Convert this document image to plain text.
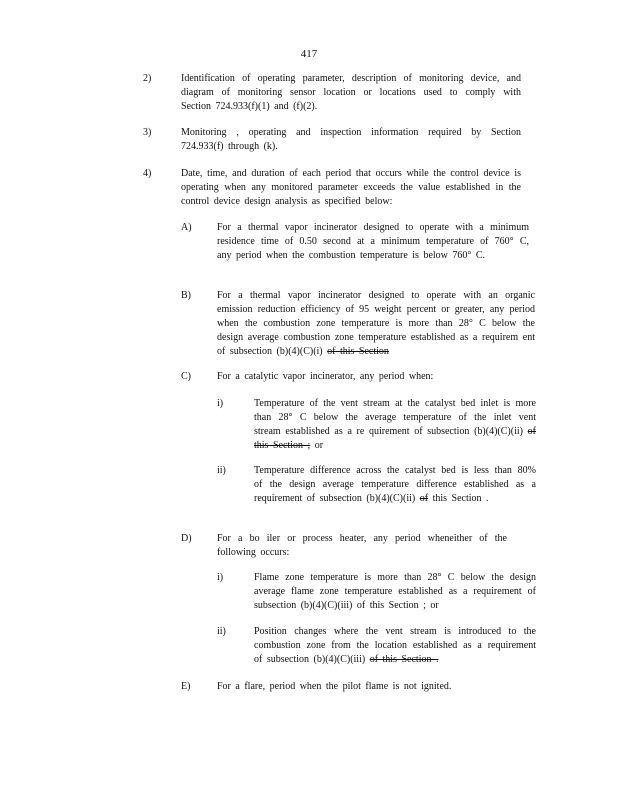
417
2)	Identification of operating parameter, description of monitoring device, and diagram of monitoring sensor location or locations used to comply with Section 724.933(f)(1) and (f)(2).
3)	Monitoring , operating and inspection information required by Section 724.933(f) through (k).
4)	Date, time, and duration of each period that occurs while the control device is operating when any monitored parameter exceeds the value established in the control device design analysis as specified below:
A)	For a thermal vapor incinerator designed to operate with a minimum residence time of 0.50 second at a minimum temperature of 760° C, any period when the combustion temperature is below 760° C.
B)	For a thermal vapor incinerator designed to operate with an organic emission reduction efficiency of 95 weight percent or greater, any period when the combustion zone temperature is more than 28° C below the design average combustion zone temperature established as a requirem ent of subsection (b)(4)(C)(i) of this Section
C)	For a catalytic vapor incinerator, any period when:
i)	Temperature of the vent stream at the catalyst bed inlet is more than 28° C below the average temperature of the inlet vent stream established as a re quirement of subsection (b)(4)(C)(ii) of this Section ; or
ii)	Temperature difference across the catalyst bed is less than 80% of the design average temperature difference established as a requirement of subsection (b)(4)(C)(ii) of this Section .
D)	For a bo iler or process heater, any period wheneither of the following occurs:
i)	Flame zone temperature is more than 28° C below the design average flame zone temperature established as a requirement of subsection (b)(4)(C)(iii) of this Section ; or
ii)	Position changes where the vent stream is introduced to the combustion zone from the location established as a requirement of subsection (b)(4)(C)(iii) of this Section .
E)	For a flare, period when the pilot flame is not ignited.
